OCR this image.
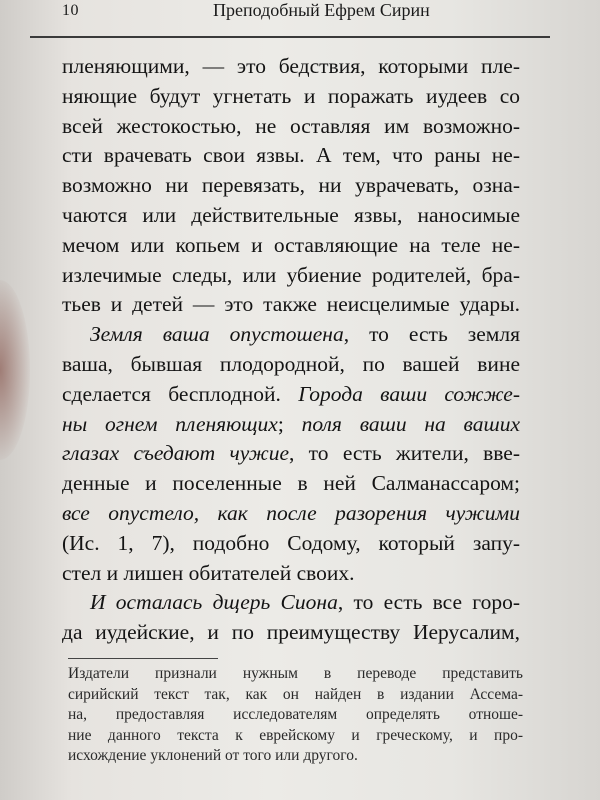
10	Преподобный Ефрем Сирин
пленяющими, — это бедствия, которыми пле-
няющие будут угнетать и поражать иудеев со
всей жестокостью, не оставляя им возможно-
сти врачевать свои язвы. А тем, что раны не-
возможно ни перевязать, ни уврачевать, озна-
чаются или действительные язвы, наносимые
мечом или копьем и оставляющие на теле не-
излечимые следы, или убиение родителей, бра-
тьев и детей — это также неисцелимые удары.
Земля ваша опустошена, то есть земля
ваша, бывшая плодородной, по вашей вине
сделается бесплодной. Города ваши сожже-
ны огнем пленяющих; поля ваши на ваших
глазах съедают чужие, то есть жители, вве-
денные и поселенные в ней Салманассаром;
все опустело, как после разорения чужими
(Ис. 1, 7), подобно Содому, который запу-
стел и лишен обитателей своих.
И осталась дщерь Сиона, то есть все горо-
да иудейские, и по преимуществу Иерусалим,
Издатели признали нужным в переводе представить
сирийский текст так, как он найден в издании Ассема-
на, предоставляя исследователям определять отноше-
ние данного текста к еврейскому и греческому, и про-
исхождение уклонений от того или другого.
